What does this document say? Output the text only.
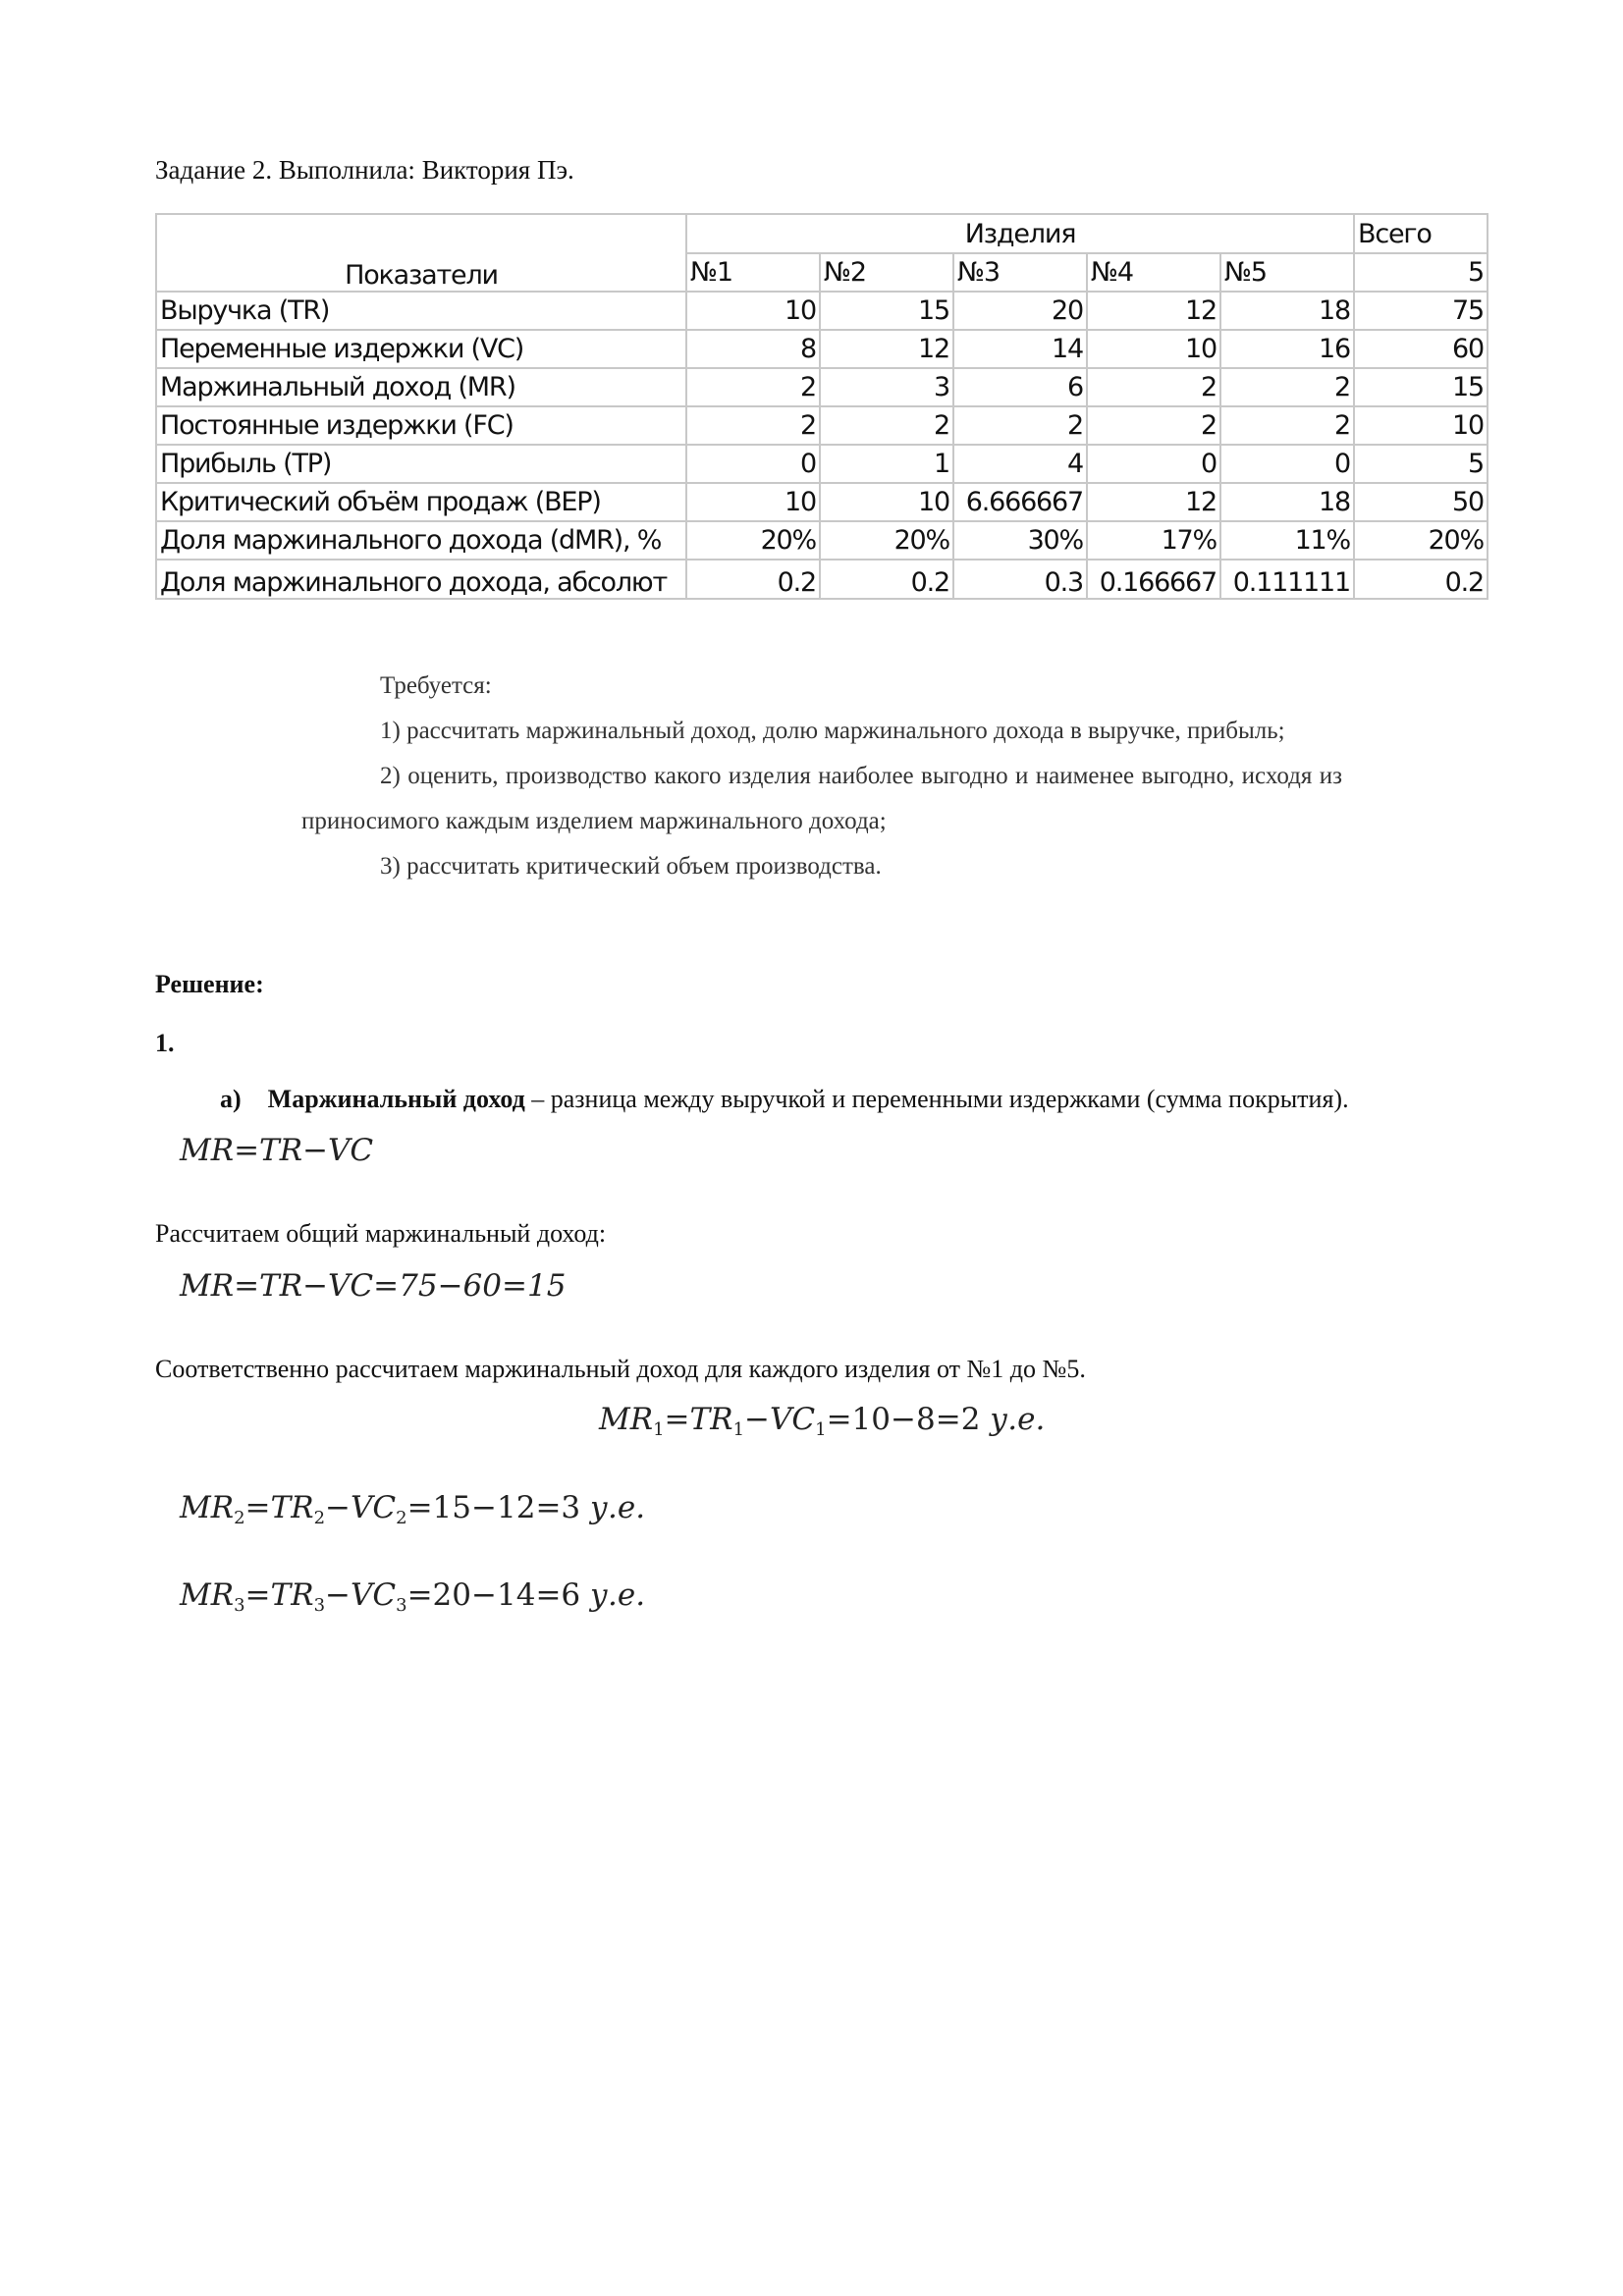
Задание 2. Выполнила: Виктория Пэ.
Показатели	Изделия					Всего
	№1	№2	№3	№4	№5	5
Выручка (TR)	10	15	20	12	18	75
Переменные издержки (VC)	8	12	14	10	16	60
Маржинальный доход (MR)	2	3	6	2	2	15
Постоянные издержки (FC)	2	2	2	2	2	10
Прибыль (TP)	0	1	4	0	0	5
Критический объём продаж (BEP)	10	10	6.666667	12	18	50
Доля маржинального дохода (dMR), %	20%	20%	30%	17%	11%	20%
Доля маржинального дохода, абсолют	0.2	0.2	0.3	0.166667	0.111111	0.2

Требуется:

1) рассчитать маржинальный доход, долю маржинального дохода в выручке, прибыль;

2) оценить, производство какого изделия наиболее выгодно и наименее выгодно, исходя из приносимого каждым изделием маржинального дохода;

3) рассчитать критический объем производства.

Решение:
1.
а) Маржинальный доход – разница между выручкой и переменными издержками (сумма покрытия).
MR=TR−VC
Рассчитаем общий маржинальный доход:
MR=TR−VC=75−60=15
Соответственно рассчитаем маржинальный доход для каждого изделия от №1 до №5.
$MR_1=TR_1-VC_1=10-8=2$ у.е.
$MR_2=TR_2-VC_2=15-12=3$ у.е.
$MR_3=TR_3-VC_3=20-14=6$ у.е.
